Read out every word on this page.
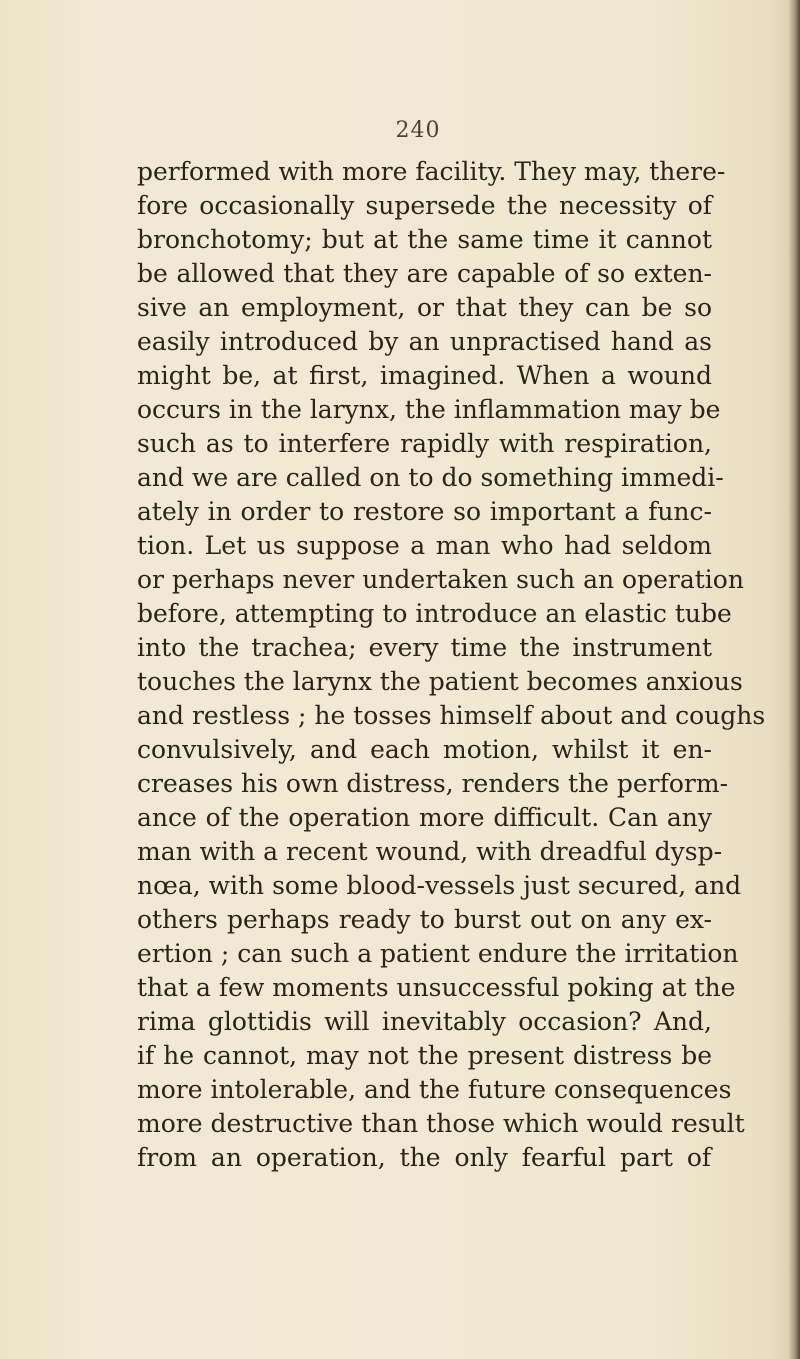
240
performed with more facility. They may, there-
fore occasionally supersede the necessity of
bronchotomy; but at the same time it cannot
be allowed that they are capable of so exten-
sive an employment, or that they can be so
easily introduced by an unpractised hand as
might be, at first, imagined. When a wound
occurs in the larynx, the inflammation may be
such as to interfere rapidly with respiration,
and we are called on to do something immedi-
ately in order to restore so important a func-
tion. Let us suppose a man who had seldom
or perhaps never undertaken such an operation
before, attempting to introduce an elastic tube
into the trachea; every time the instrument
touches the larynx the patient becomes anxious
and restless ; he tosses himself about and coughs
convulsively, and each motion, whilst it en-
creases his own distress, renders the perform-
ance of the operation more difficult. Can any
man with a recent wound, with dreadful dysp-
nœa, with some blood-vessels just secured, and
others perhaps ready to burst out on any ex-
ertion ; can such a patient endure the irritation
that a few moments unsuccessful poking at the
rima glottidis will inevitably occasion? And,
if he cannot, may not the present distress be
more intolerable, and the future consequences
more destructive than those which would result
from an operation, the only fearful part of
